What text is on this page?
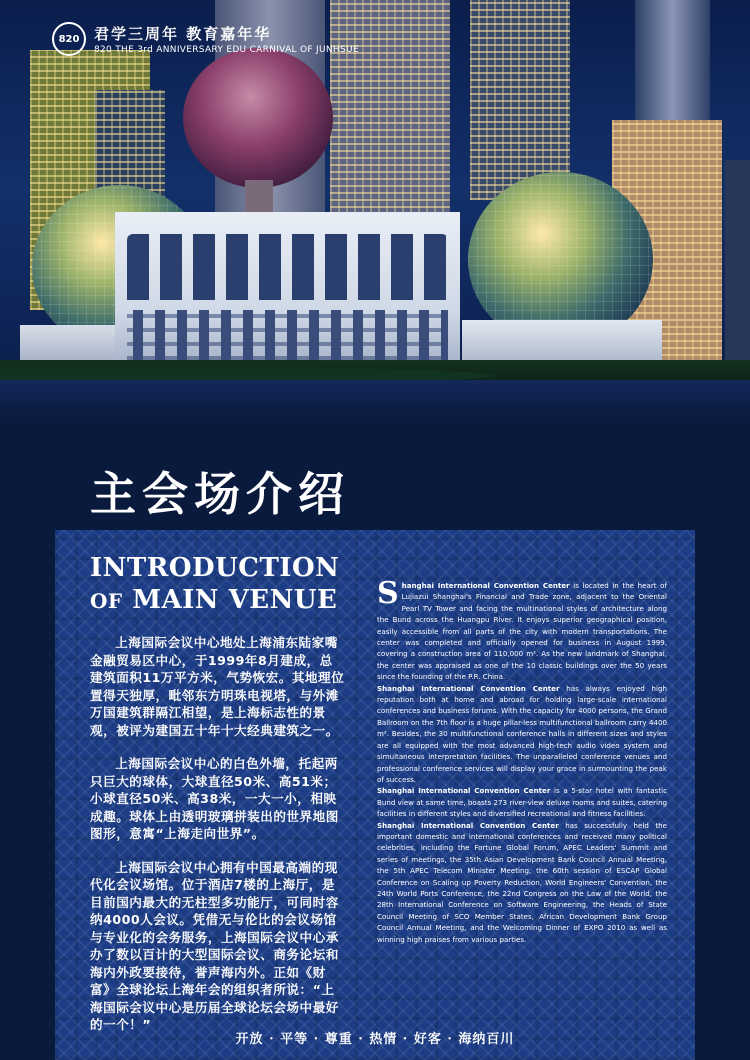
820 君学三周年 教育嘉年华
820 THE 3rd ANNIVERSARY EDU CARNIVAL OF JUNHSUE
主会场介绍
INTRODUCTION
OF MAIN VENUE

上海国际会议中心地处上海浦东陆家嘴金融贸易区中心，于1999年8月建成，总建筑面积11万平方米，气势恢宏。其地理位置得天独厚，毗邻东方明珠电视塔，与外滩万国建筑群隔江相望，是上海标志性的景观，被评为建国五十年十大经典建筑之一。

上海国际会议中心的白色外墙，托起两只巨大的球体，大球直径50米、高51米；小球直径50米、高38米，一大一小，相映成趣。球体上由透明玻璃拼装出的世界地图图形，意寓“上海走向世界”。

上海国际会议中心拥有中国最高端的现代化会议场馆。位于酒店7楼的上海厅，是目前国内最大的无柱型多功能厅，可同时容纳4000人会议。凭借无与伦比的会议场馆与专业化的会务服务，上海国际会议中心承办了数以百计的大型国际会议、商务论坛和海内外政要接待，誉声海内外。正如《财富》全球论坛上海年会的组织者所说：“上海国际会议中心是历届全球论坛会场中最好的一个！”

Shanghai International Convention Center is located in the heart of Lujiazui Shanghai's Financial and Trade zone, adjacent to the Oriental Pearl TV Tower and facing the multinational styles of architecture along the Bund across the Huangpu River. It enjoys superior geographical position, easily accessible from all parts of the city with modern transportations. The center was completed and officially opened for business in August 1999, covering a construction area of 110,000 m². As the new landmark of Shanghai, the center was appraised as one of the 10 classic buildings over the 50 years since the founding of the P.R. China.

Shanghai International Convention Center has always enjoyed high reputation both at home and abroad for holding large-scale international conferences and business forums. With the capacity for 4000 persons, the Grand Ballroom on the 7th floor is a huge pillar-less multifunctional ballroom carry 4400 m². Besides, the 30 multifunctional conference halls in different sizes and styles are all equipped with the most advanced high-tech audio video system and simultaneous interpretation facilities. The unparalleled conference venues and professional conference services will display your grace in surmounting the peak of success.

Shanghai International Convention Center is a 5-star hotel with fantastic Bund view at same time, boasts 273 river-view deluxe rooms and suites, catering facilities in different styles and diversified recreational and fitness facilities.

Shanghai International Convention Center has successfully held the important domestic and international conferences and received many political celebrities, including the Fortune Global Forum, APEC Leaders' Summit and series of meetings, the 35th Asian Development Bank Council Annual Meeting, the 5th APEC Telecom Minister Meeting, the 60th session of ESCAP Global Conference on Scaling up Poverty Reduction, World Engineers' Convention, the 24th World Ports Conference, the 22nd Congress on the Law of the World, the 28th International Conference on Software Engineering, the Heads of State Council Meeting of SCO Member States, African Development Bank Group Council Annual Meeting, and the Welcoming Dinner of EXPO 2010 as well as winning high praises from various parties.

开放 · 平等 · 尊重 · 热情 · 好客 · 海纳百川
